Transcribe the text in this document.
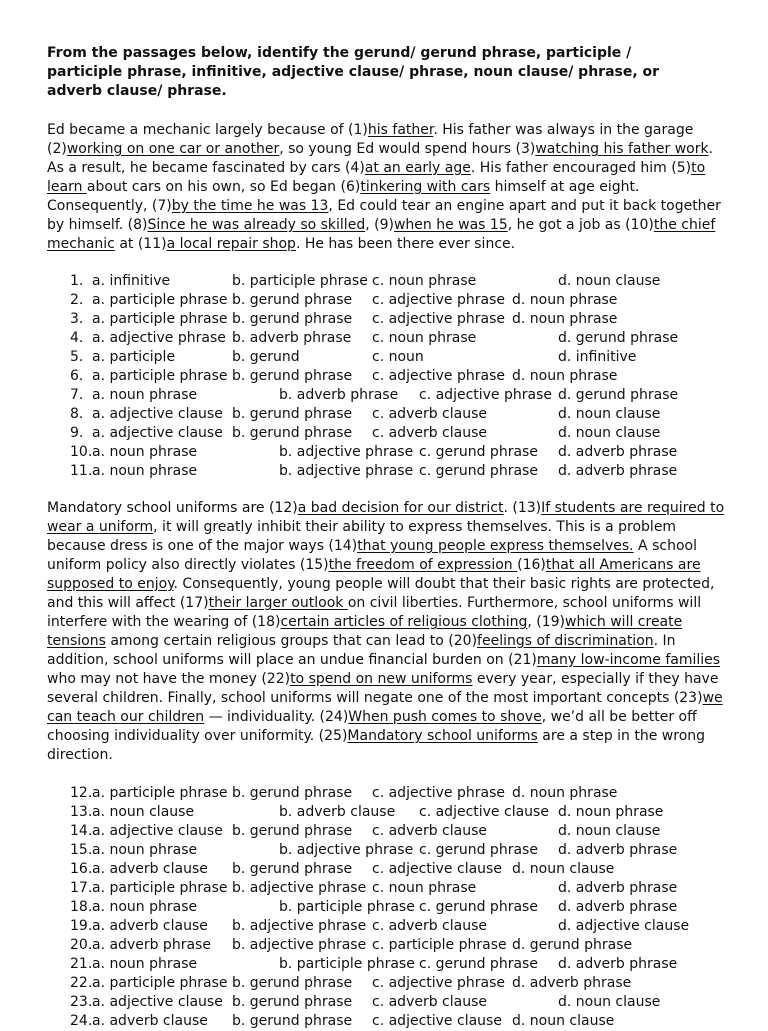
From the passages below, identify the gerund/ gerund phrase, participle / participle phrase, infinitive, adjective clause/ phrase, noun clause/ phrase, or adverb clause/ phrase.

Ed became a mechanic largely because of (1)his father. His father was always in the garage (2)working on one car or another, so young Ed would spend hours (3)watching his father work. As a result, he became fascinated by cars (4)at an early age. His father encouraged him (5)to learn about cars on his own, so Ed began (6)tinkering with cars himself at age eight. Consequently, (7)by the time he was 13, Ed could tear an engine apart and put it back together by himself. (8)Since he was already so skilled, (9)when he was 15, he got a job as (10)the chief mechanic at (11)a local repair shop. He has been there ever since.

1. a. infinitive	b. participle phrase c. noun phrase	d. noun clause
2. a. participle phrase b. gerund phrase c. adjective phrase d. noun phrase
3. a. participle phrase b. gerund phrase c. adjective phrase d. noun phrase
4. a. adjective phrase b. adverb phrase c. noun phrase	d. gerund phrase
5. a. participle	b. gerund	c. noun	d. infinitive
6. a. participle phrase b. gerund phrase c. adjective phrase d. noun phrase
7. a. noun phrase	b. adverb phrase c. adjective phrase d. gerund phrase
8. a. adjective clause b. gerund phrase c. adverb clause	d. noun clause
9. a. adjective clause b. gerund phrase c. adverb clause	d. noun clause
10. a. noun phrase	b. adjective phrase c. gerund phrase d. adverb phrase
11. a. noun phrase	b. adjective phrase c. gerund phrase d. adverb phrase

Mandatory school uniforms are (12)a bad decision for our district. (13)If students are required to wear a uniform, it will greatly inhibit their ability to express themselves. This is a problem because dress is one of the major ways (14)that young people express themselves. A school uniform policy also directly violates (15)the freedom of expression (16)that all Americans are supposed to enjoy. Consequently, young people will doubt that their basic rights are protected, and this will affect (17)their larger outlook on civil liberties. Furthermore, school uniforms will interfere with the wearing of (18)certain articles of religious clothing, (19)which will create tensions among certain religious groups that can lead to (20)feelings of discrimination. In addition, school uniforms will place an undue financial burden on (21)many low-income families who may not have the money (22)to spend on new uniforms every year, especially if they have several children. Finally, school uniforms will negate one of the most important concepts (23)we can teach our children — individuality. (24)When push comes to shove, we’d all be better off choosing individuality over uniformity. (25)Mandatory school uniforms are a step in the wrong direction.

12. a. participle phrase b. gerund phrase c. adjective phrase d. noun phrase
13. a. noun clause	b. adverb clause c. adjective clause d. noun phrase
14. a. adjective clause b. gerund phrase c. adverb clause	d. noun clause
15. a. noun phrase	b. adjective phrase c. gerund phrase d. adverb phrase
16. a. adverb clause b. gerund phrase c. adjective clause d. noun clause
17. a. participle phrase b. adjective phrase c. noun phrase	d. adverb phrase
18. a. noun phrase	b. participle phrase c. gerund phrase d. adverb phrase
19. a. adverb clause b. adjective phrase c. adverb clause	d. adjective clause
20. a. adverb phrase b. adjective phrase c. participle phrase d. gerund phrase
21. a. noun phrase	b. participle phrase c. gerund phrase d. adverb phrase
22. a. participle phrase b. gerund phrase c. adjective phrase d. adverb phrase
23. a. adjective clause b. gerund phrase c. adverb clause	d. noun clause
24. a. adverb clause b. gerund phrase c. adjective clause d. noun clause
